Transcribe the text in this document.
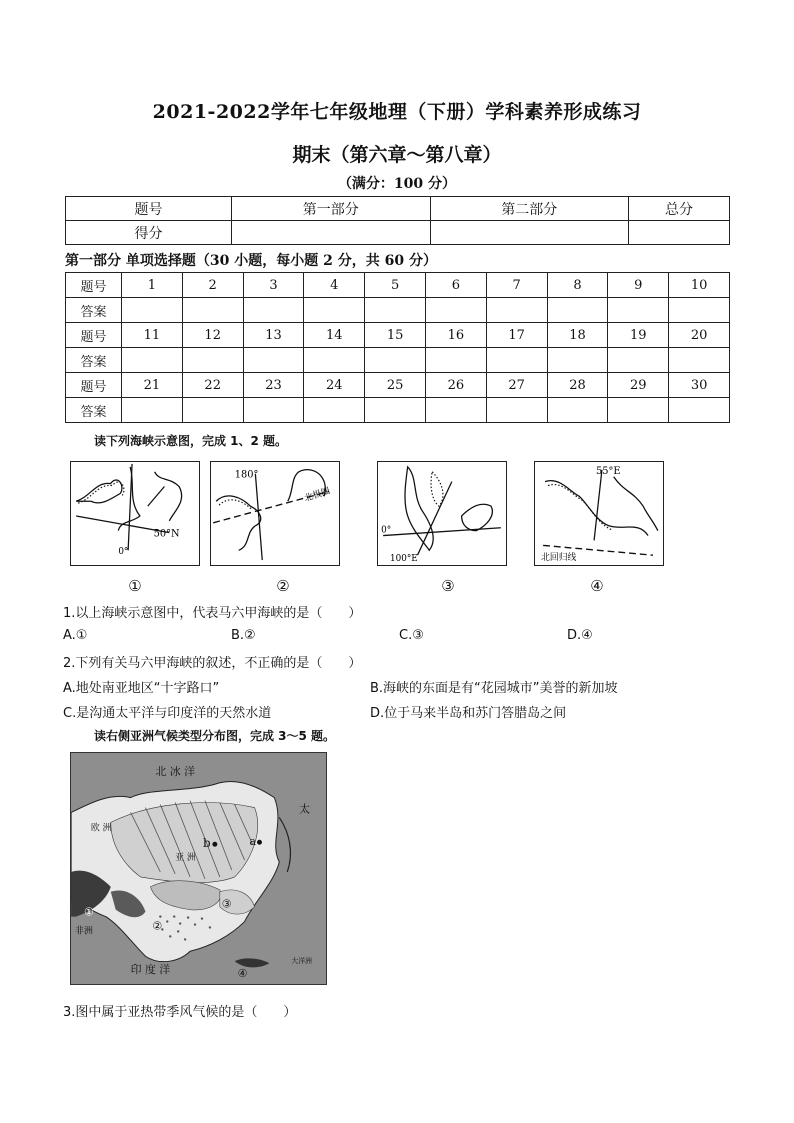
2021-2022学年七年级地理（下册）学科素养形成练习
期末（第六章～第八章）
（满分：100 分）
题号	第一部分	第二部分	总分
得分			
第一部分 单项选择题（30 小题，每小题 2 分，共 60 分）
题号	1	2	3	4	5	6	7	8	9	10
答案										
题号	11	12	13	14	15	16	17	18	19	20
答案										
题号	21	22	23	24	25	26	27	28	29	30
答案										
读下列海峡示意图，完成 1、2 题。
50°N
0°
①
180°
北极圈
②
0°
100°E
③
55°E
北回归线
④
1.以上海峡示意图中，代表马六甲海峡的是（　　）
A.①	B.②	C.③	D.④
2.下列有关马六甲海峡的叙述，不正确的是（　　）
A.地处南亚地区“十字路口”	B.海峡的东面是有“花园城市”美誉的新加坡
C.是沟通太平洋与印度洋的天然水道	D.位于马来半岛和苏门答腊岛之间
读右侧亚洲气候类型分布图，完成 3～5 题。
北 冰 洋
太
印 度 洋
欧 洲
亚 洲
非洲
大洋洲
b	a
①
②
③
④
3.图中属于亚热带季风气候的是（　　）
